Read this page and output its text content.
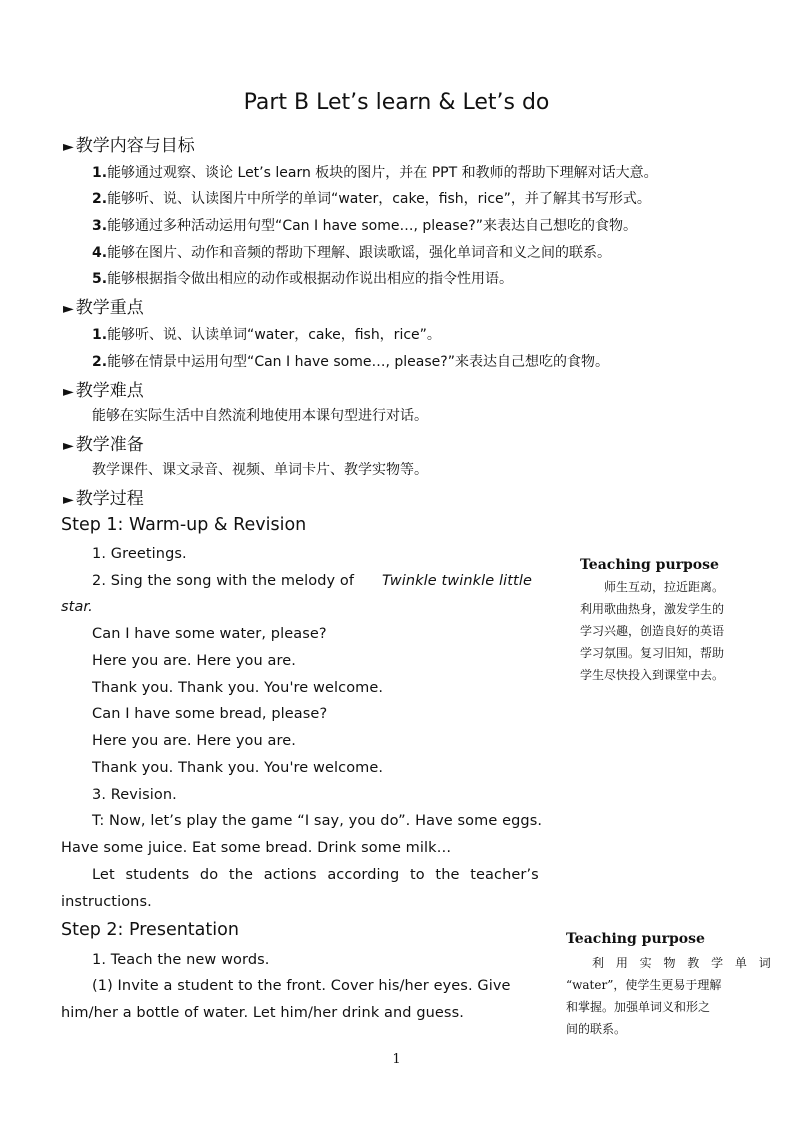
Part B Let’s learn & Let’s do
► 教学内容与目标
1.能够通过观察、谈论 Let’s learn 板块的图片，并在 PPT 和教师的帮助下理解对话大意。
2.能够听、说、认读图片中所学的单词“water，cake，fish，rice”，并了解其书写形式。
3.能够通过多种活动运用句型“Can I have some…, please?”来表达自己想吃的食物。
4.能够在图片、动作和音频的帮助下理解、跟读歌谣，强化单词音和义之间的联系。
5.能够根据指令做出相应的动作或根据动作说出相应的指令性用语。
► 教学重点
1.能够听、说、认读单词“water，cake，fish，rice”。
2.能够在情景中运用句型“Can I have some…, please?”来表达自己想吃的食物。
► 教学难点
能够在实际生活中自然流利地使用本课句型进行对话。
► 教学准备
教学课件、课文录音、视频、单词卡片、教学实物等。
► 教学过程
Step 1: Warm-up & Revision
1. Greetings.
2. Sing the song with the melody of Twinkle twinkle little
star.
Can I have some water, please?
Here you are. Here you are.
Thank you. Thank you. You're welcome.
Can I have some bread, please?
Here you are. Here you are.
Thank you. Thank you. You're welcome.
3. Revision.
T: Now, let’s play the game “I say, you do”. Have some eggs.
Have some juice. Eat some bread. Drink some milk…
Let students do the actions according to the teacher’s
instructions.
Teaching purpose
师生互动，拉近距离。
利用歌曲热身，激发学生的
学习兴趣，创造良好的英语
学习氛围。复习旧知，帮助
学生尽快投入到课堂中去。
Step 2: Presentation
1. Teach the new words.
(1) Invite a student to the front. Cover his/her eyes. Give
him/her a bottle of water. Let him/her drink and guess.
Teaching purpose
利 用 实 物 教 学 单 词
“water”，使学生更易于理解
和掌握。加强单词义和形之
间的联系。
1
